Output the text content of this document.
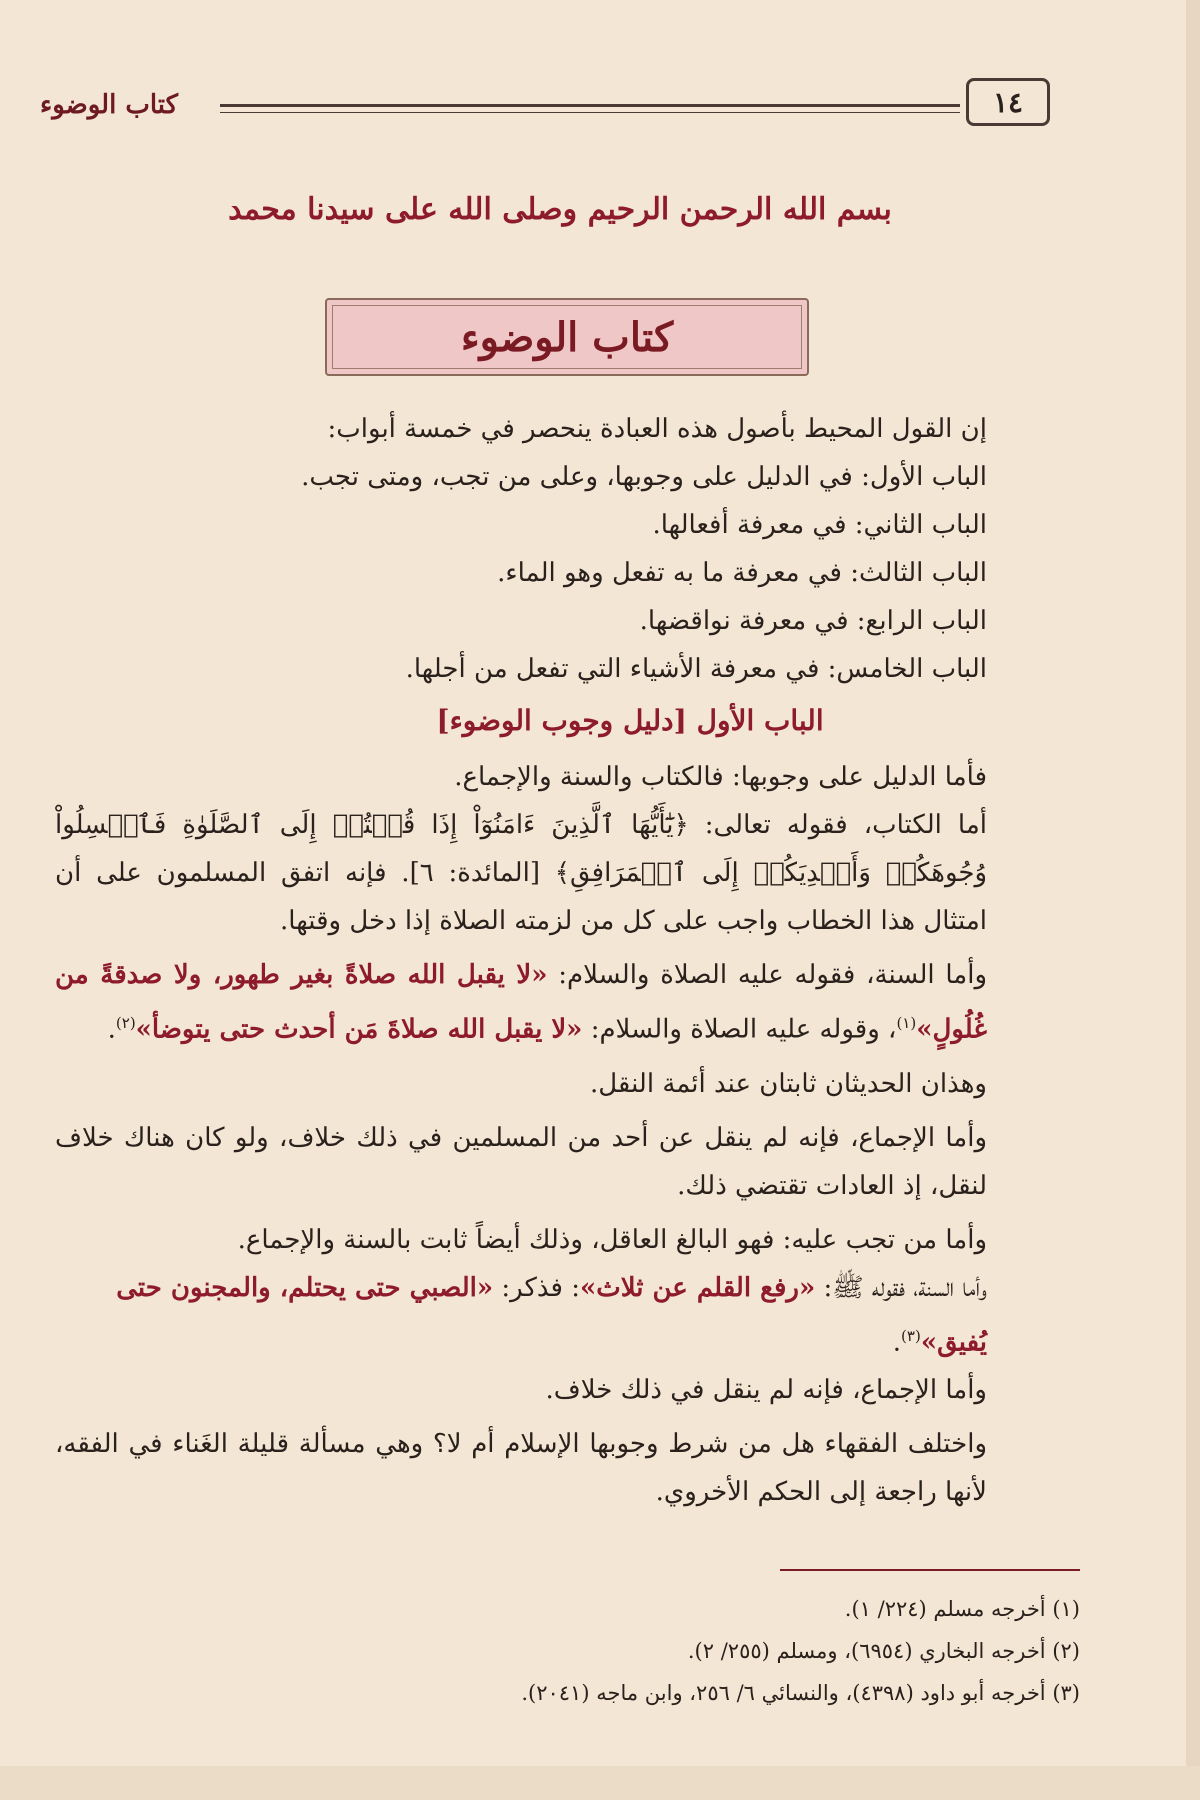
كتاب الوضوء	١٤
بسم الله الرحمن الرحيم وصلى الله على سيدنا محمد
كتاب الوضوء

إن القول المحيط بأصول هذه العبادة ينحصر في خمسة أبواب:

الباب الأول: في الدليل على وجوبها، وعلى من تجب، ومتى تجب.

الباب الثاني: في معرفة أفعالها.

الباب الثالث: في معرفة ما به تفعل وهو الماء.

الباب الرابع: في معرفة نواقضها.

الباب الخامس: في معرفة الأشياء التي تفعل من أجلها.

الباب الأول [دليل وجوب الوضوء]

فأما الدليل على وجوبها: فالكتاب والسنة والإجماع.

أما الكتاب، فقوله تعالى: ﴿يَٰٓأَيُّهَا ٱلَّذِينَ ءَامَنُوٓاْ إِذَا قُمۡتُمۡ إِلَى ٱلصَّلَوٰةِ فَٱغۡسِلُواْ وُجُوهَكُمۡ وَأَيۡدِيَكُمۡ إِلَى ٱلۡمَرَافِقِ﴾ [المائدة: ٦]. فإنه اتفق المسلمون على أن امتثال هذا الخطاب واجب على كل من لزمته الصلاة إذا دخل وقتها.

وأما السنة، فقوله عليه الصلاة والسلام: «لا يقبل الله صلاةً بغير طهور، ولا صدقةً من غُلُولٍ»$^{(١)}$، وقوله عليه الصلاة والسلام: «لا يقبل الله صلاةَ مَن أحدث حتى يتوضأ»$^{(٢)}$.

وهذان الحديثان ثابتان عند أئمة النقل.

وأما الإجماع، فإنه لم ينقل عن أحد من المسلمين في ذلك خلاف، ولو كان هناك خلاف لنقل، إذ العادات تقتضي ذلك.

وأما من تجب عليه: فهو البالغ العاقل، وذلك أيضاً ثابت بالسنة والإجماع.

وأما السنة، فقوله ﷺ: «رفع القلم عن ثلاث»: فذكر: «الصبي حتى يحتلم، والمجنون حتى يُفيق»$^{(٣)}$.

وأما الإجماع، فإنه لم ينقل في ذلك خلاف.

واختلف الفقهاء هل من شرط وجوبها الإسلام أم لا؟ وهي مسألة قليلة الغَناء في الفقه، لأنها راجعة إلى الحكم الأخروي.

(١) أخرجه مسلم (٢٢٤/ ١).

(٢) أخرجه البخاري (٦٩٥٤)، ومسلم (٢٥٥/ ٢).

(٣) أخرجه أبو داود (٤٣٩٨)، والنسائي ٦/ ٢٥٦، وابن ماجه (٢٠٤١).
